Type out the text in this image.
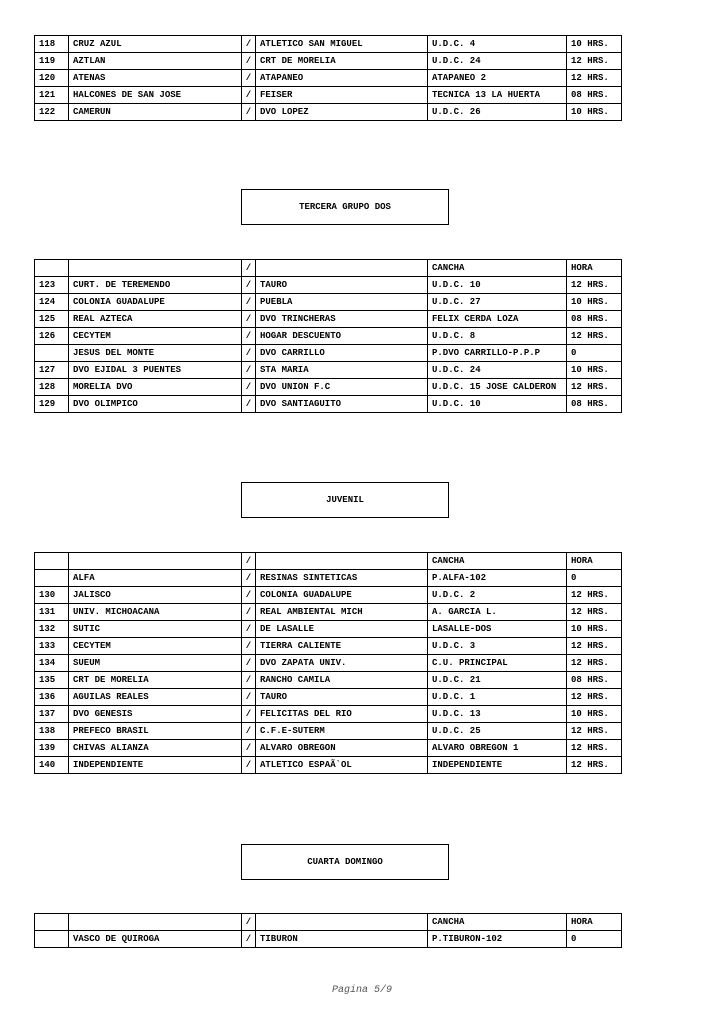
118	CRUZ AZUL	/	ATLETICO SAN MIGUEL	U.D.C. 4	10 HRS.
119	AZTLAN	/	CRT DE MORELIA	U.D.C. 24	12 HRS.
120	ATENAS	/	ATAPANEO	ATAPANEO 2	12 HRS.
121	HALCONES DE SAN JOSE	/	FEISER	TECNICA 13 LA HUERTA	08 HRS.
122	CAMERUN	/	DVO LOPEZ	U.D.C. 26	10 HRS.
TERCERA GRUPO DOS
		/		CANCHA	HORA
123	CURT. DE TEREMENDO	/	TAURO	U.D.C. 10	12 HRS.
124	COLONIA GUADALUPE	/	PUEBLA	U.D.C. 27	10 HRS.
125	REAL AZTECA	/	DVO TRINCHERAS	FELIX CERDA LOZA	08 HRS.
126	CECYTEM	/	HOGAR DESCUENTO	U.D.C. 8	12 HRS.
	JESUS DEL MONTE	/	DVO CARRILLO	P.DVO CARRILLO-P.P.P	0
127	DVO EJIDAL 3 PUENTES	/	STA MARIA	U.D.C. 24	10 HRS.
128	MORELIA DVO	/	DVO UNION F.C	U.D.C. 15 JOSE CALDERON	12 HRS.
129	DVO OLIMPICO	/	DVO SANTIAGUITO	U.D.C. 10	08 HRS.
JUVENIL
		/		CANCHA	HORA
	ALFA	/	RESINAS SINTETICAS	P.ALFA-102	0
130	JALISCO	/	COLONIA GUADALUPE	U.D.C. 2	12 HRS.
131	UNIV. MICHOACANA	/	REAL AMBIENTAL MICH	A. GARCIA L.	12 HRS.
132	SUTIC	/	DE LASALLE	LASALLE-DOS	10 HRS.
133	CECYTEM	/	TIERRA CALIENTE	U.D.C. 3	12 HRS.
134	SUEUM	/	DVO ZAPATA UNIV.	C.U. PRINCIPAL	12 HRS.
135	CRT DE MORELIA	/	RANCHO CAMILA	U.D.C. 21	08 HRS.
136	AGUILAS REALES	/	TAURO	U.D.C. 1	12 HRS.
137	DVO GENESIS	/	FELICITAS DEL RIO	U.D.C. 13	10 HRS.
138	PREFECO BRASIL	/	C.F.E-SUTERM	U.D.C. 25	12 HRS.
139	CHIVAS ALIANZA	/	ALVARO OBREGON	ALVARO OBREGON 1	12 HRS.
140	INDEPENDIENTE	/	ATLETICO ESPAÃ`OL	INDEPENDIENTE	12 HRS.
CUARTA DOMINGO
		/		CANCHA	HORA
	VASCO DE QUIROGA	/	TIBURON	P.TIBURON-102	0
Pagina 5/9
